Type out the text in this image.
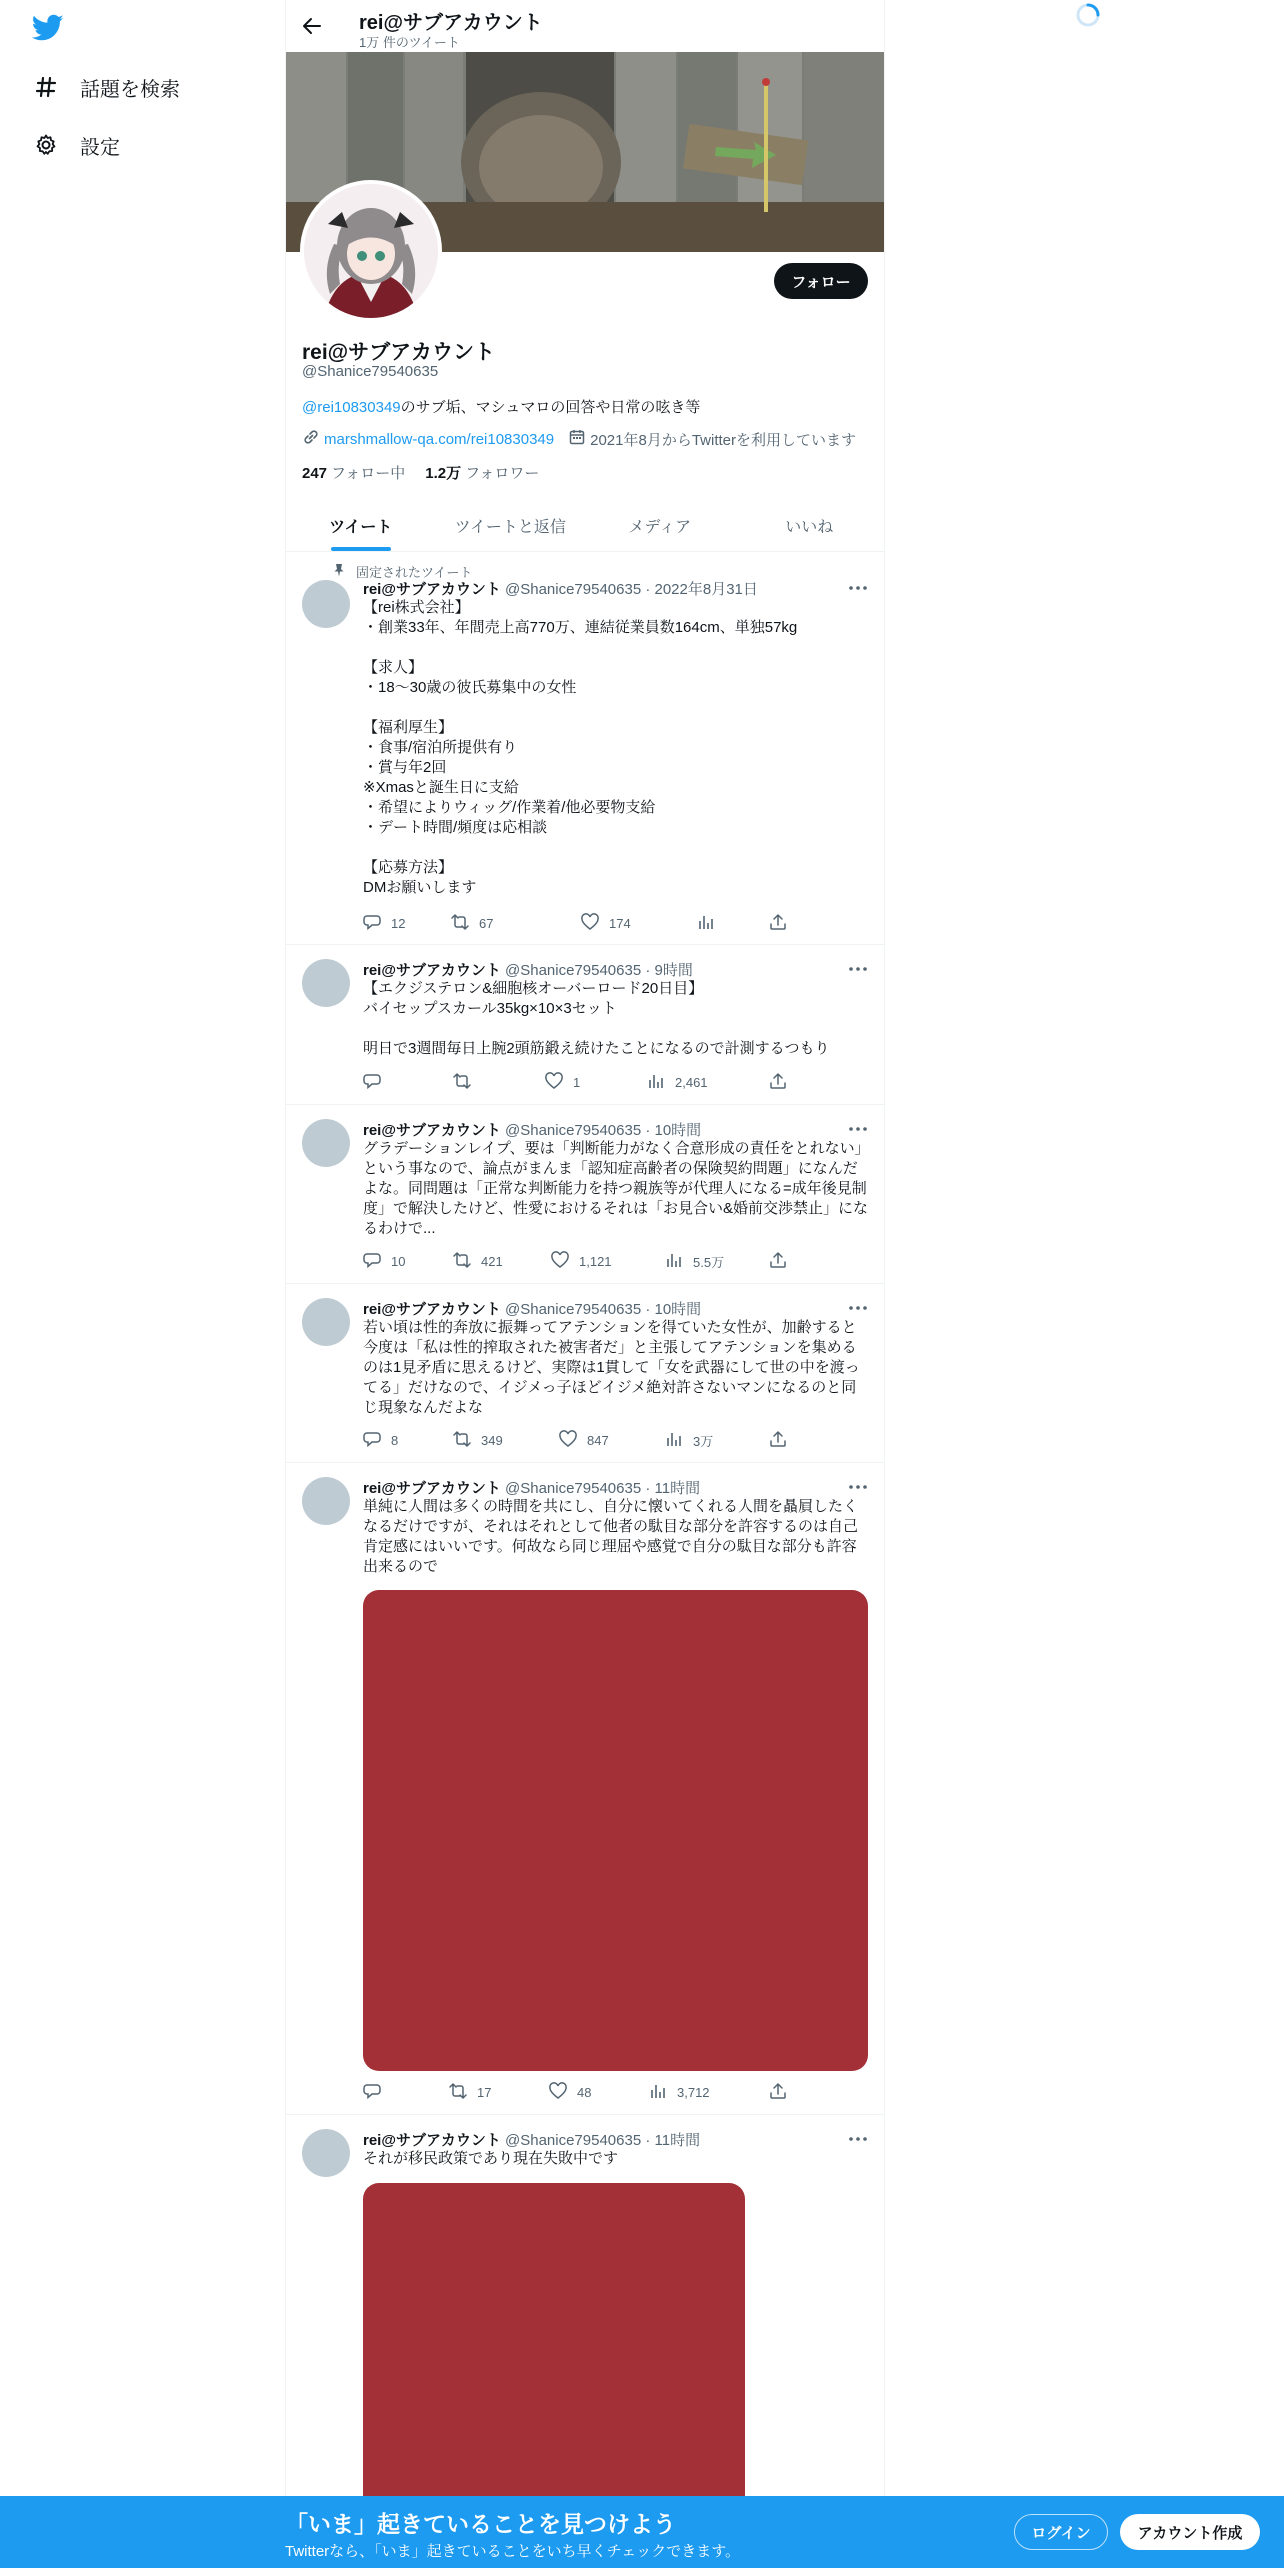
話題を検索
設定
rei@サブアカウント
1万 件のツイート
フォロー
rei@サブアカウント
@Shanice79540635
@rei10830349のサブ垢、マシュマロの回答や日常の呟き等
marshmallow-qa.com/rei10830349 2021年8月からTwitterを利用しています
247 フォロー中 1.2万 フォロワー
ツイート	ツイートと返信	メディア	いいね
固定されたツイート
rei@サブアカウント @Shanice79540635 · 2022年8月31日
【rei株式会社】
・創業33年、年間売上高770万、連結従業員数164cm、単独57kg

【求人】
・18〜30歳の彼氏募集中の女性

【福利厚生】
・食事/宿泊所提供有り
・賞与年2回
※Xmasと誕生日に支給
・希望によりウィッグ/作業着/他必要物支給
・デート時間/頻度は応相談

【応募方法】
DMお願いします
12	67	174
rei@サブアカウント @Shanice79540635 · 9時間
【エクジステロン&細胞核オーバーロード20日目】
バイセップスカール35kg×10×3セット

明日で3週間毎日上腕2頭筋鍛え続けたことになるので計測するつもり
1	2,461
rei@サブアカウント @Shanice79540635 · 10時間
グラデーションレイプ、要は「判断能力がなく合意形成の責任をとれない」という事なので、論点がまんま「認知症高齢者の保険契約問題」になんだよな。同問題は「正常な判断能力を持つ親族等が代理人になる=成年後見制度」で解決したけど、性愛におけるそれは「お見合い&婚前交渉禁止」になるわけで...
10	421	1,121	5.5万
rei@サブアカウント @Shanice79540635 · 10時間
若い頃は性的奔放に振舞ってアテンションを得ていた女性が、加齢すると今度は「私は性的搾取された被害者だ」と主張してアテンションを集めるのは1見矛盾に思えるけど、実際は1貫して「女を武器にして世の中を渡ってる」だけなので、イジメっ子ほどイジメ絶対許さないマンになるのと同じ現象なんだよな
8	349	847	3万
rei@サブアカウント @Shanice79540635 · 11時間
単純に人間は多くの時間を共にし、自分に懐いてくれる人間を贔屓したくなるだけですが、それはそれとして他者の駄目な部分を許容するのは自己肯定感にはいいです。何故なら同じ理屈や感覚で自分の駄目な部分も許容出来るので
17	48	3,712
rei@サブアカウント @Shanice79540635 · 11時間
それが移民政策であり現在失敗中です
「いま」起きていることを見つけよう
Twitterなら、「いま」起きていることをいち早くチェックできます。
ログイン	アカウント作成
